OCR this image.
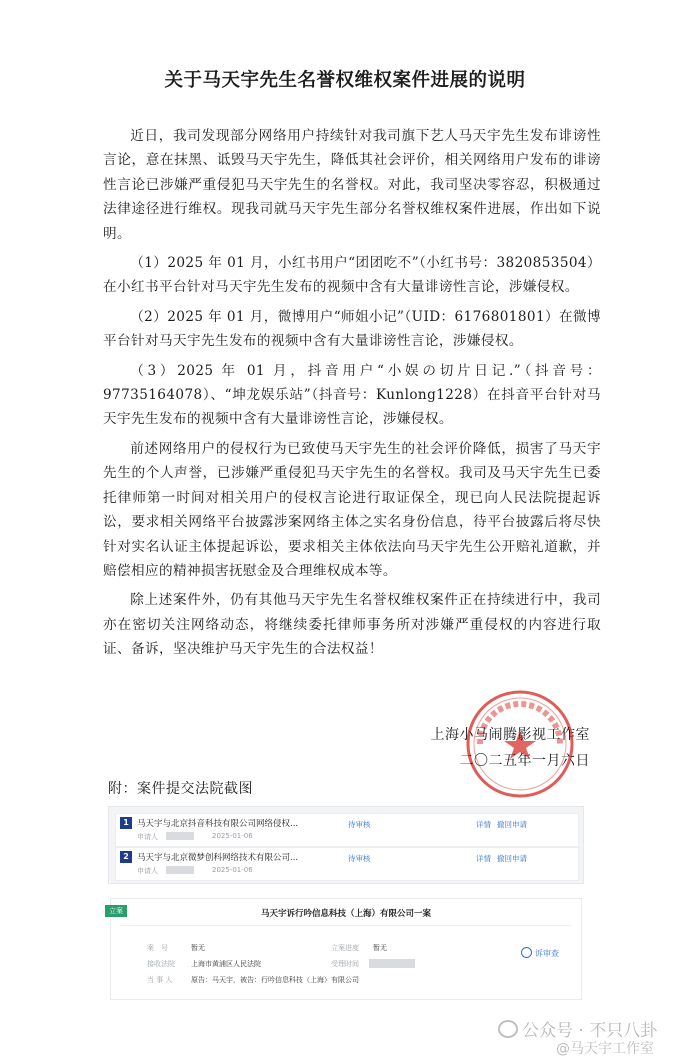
关于马天宇先生名誉权维权案件进展的说明

近日，我司发现部分网络用户持续针对我司旗下艺人马天宇先生发布诽谤性言论，意在抹黑、诋毁马天宇先生，降低其社会评价，相关网络用户发布的诽谤性言论已涉嫌严重侵犯马天宇先生的名誉权。对此，我司坚决零容忍，积极通过法律途径进行维权。现我司就马天宇先生部分名誉权维权案件进展，作出如下说明。

（1）2025 年 01 月，小红书用户“团团吃不”（小红书号：3820853504）在小红书平台针对马天宇先生发布的视频中含有大量诽谤性言论，涉嫌侵权。

（2）2025 年 01 月，微博用户“师姐小记”（UID：6176801801）在微博平台针对马天宇先生发布的视频中含有大量诽谤性言论，涉嫌侵权。

（3）2025 年 01 月，抖音用户“小娱の切片日记.”（抖音号：97735164078）、“坤龙娱乐站”（抖音号：Kunlong1228）在抖音平台针对马天宇先生发布的视频中含有大量诽谤性言论，涉嫌侵权。

前述网络用户的侵权行为已致使马天宇先生的社会评价降低，损害了马天宇先生的个人声誉，已涉嫌严重侵犯马天宇先生的名誉权。我司及马天宇先生已委托律师第一时间对相关用户的侵权言论进行取证保全，现已向人民法院提起诉讼，要求相关网络平台披露涉案网络主体之实名身份信息，待平台披露后将尽快针对实名认证主体提起诉讼，要求相关主体依法向马天宇先生公开赔礼道歉，并赔偿相应的精神损害抚慰金及合理维权成本等。

除上述案件外，仍有其他马天宇先生名誉权维权案件正在持续进行中，我司亦在密切关注网络动态，将继续委托律师事务所对涉嫌严重侵权的内容进行取证、备诉，坚决维护马天宇先生的合法权益！

上海小马闹腾影视工作室
二〇二五年一月六日
附：案件提交法院截图
1 马天宇与北京抖音科技有限公司网络侵权...
申请人	2025-01-06
待审核	详情 撤回申请
2 马天宇与北京微梦创科网络技术有限公司...
申请人	2025-01-06
待审核	详情 撤回申请
立案	马天宇诉行吟信息科技（上海）有限公司一案
案　号	暂无
接收法院 上海市黄浦区人民法院
当 事 人	原告：马天宇，被告：行吟信息科技（上海）有限公司
立案进度 暂无
受理时间
诉审查
公众号 · 不只八卦
@马天宇工作室
